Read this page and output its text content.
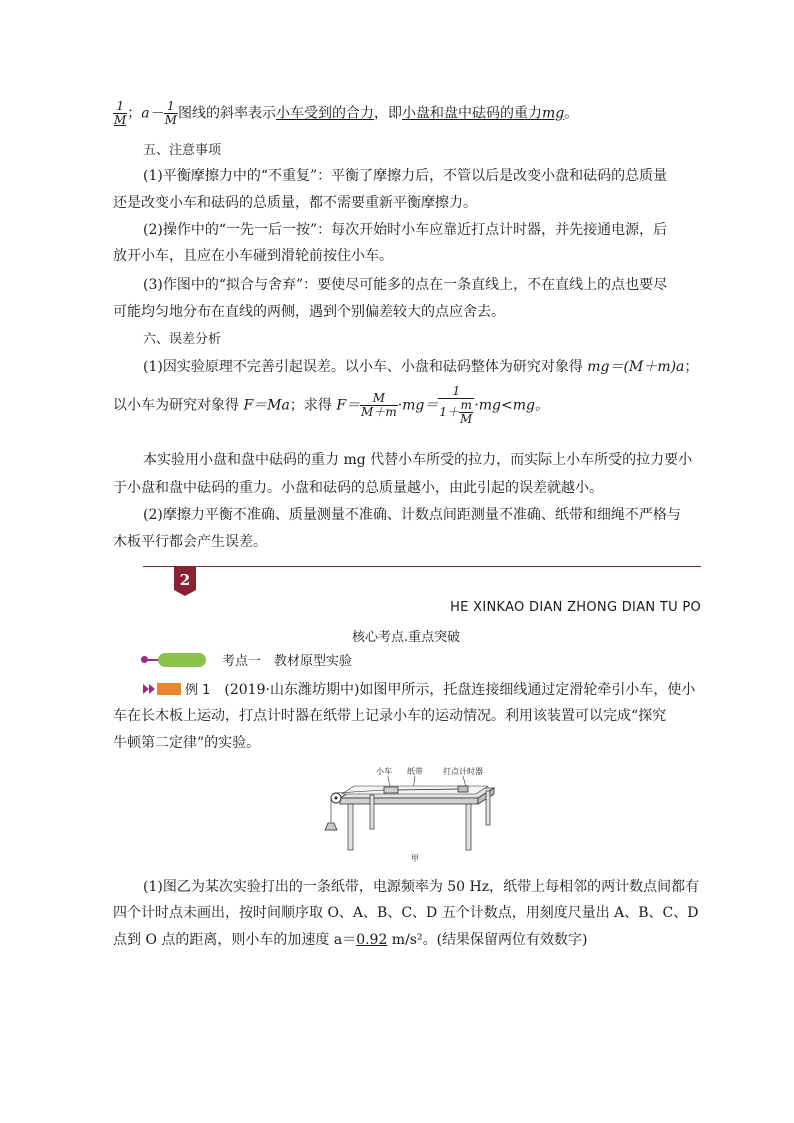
$\frac{1}{M}$ ；$a- \frac{1}{M}$ 图线的斜率表示小车受到的合力，即小盘和盘中砝码的重力mg。
五、注意事项
(1)平衡摩擦力中的“不重复”：平衡了摩擦力后，不管以后是改变小盘和砝码的总质量
还是改变小车和砝码的总质量，都不需要重新平衡摩擦力。
(2)操作中的“一先一后一按”：每次开始时小车应靠近打点计时器，并先接通电源，后
放开小车，且应在小车碰到滑轮前按住小车。
(3)作图中的“拟合与舍弃”：要使尽可能多的点在一条直线上，不在直线上的点也要尽
可能均匀地分布在直线的两侧，遇到个别偏差较大的点应舍去。
六、误差分析
(1)因实验原理不完善引起误差。以小车、小盘和砝码整体为研究对象得 mg＝(M＋m)a；
以小车为研究对象得 F＝Ma；求得 $F= \frac{M}{M+m} \cdot mg= \frac{1}{1+ \frac{m}{M}} \cdot mg<mg$。
本实验用小盘和盘中砝码的重力 mg 代替小车所受的拉力，而实际上小车所受的拉力要小
于小盘和盘中砝码的重力。小盘和砝码的总质量越小，由此引起的误差就越小。
(2)摩擦力平衡不准确、质量测量不准确、计数点间距测量不准确、纸带和细绳不严格与
木板平行都会产生误差。
2
HE XINKAO DIAN ZHONG DIAN TU PO
核心考点.重点突破
考点一　教材原型实验
例 1　 (2019·山东潍坊期中)如图甲所示，托盘连接细线通过定滑轮牵引小车，使小
车在长木板上运动，打点计时器在纸带上记录小车的运动情况。利用该装置可以完成“探究
牛顿第二定律”的实验。
小车 纸带	打点计时器
甲
(1)图乙为某次实验打出的一条纸带，电源频率为 50 Hz，纸带上每相邻的两计数点间都有
四个计时点未画出，按时间顺序取 O、A、B、C、D 五个计数点，用刻度尺量出 A、B、C、D
点到 O 点的距离，则小车的加速度 a＝0.92 m/s²。(结果保留两位有效数字)
